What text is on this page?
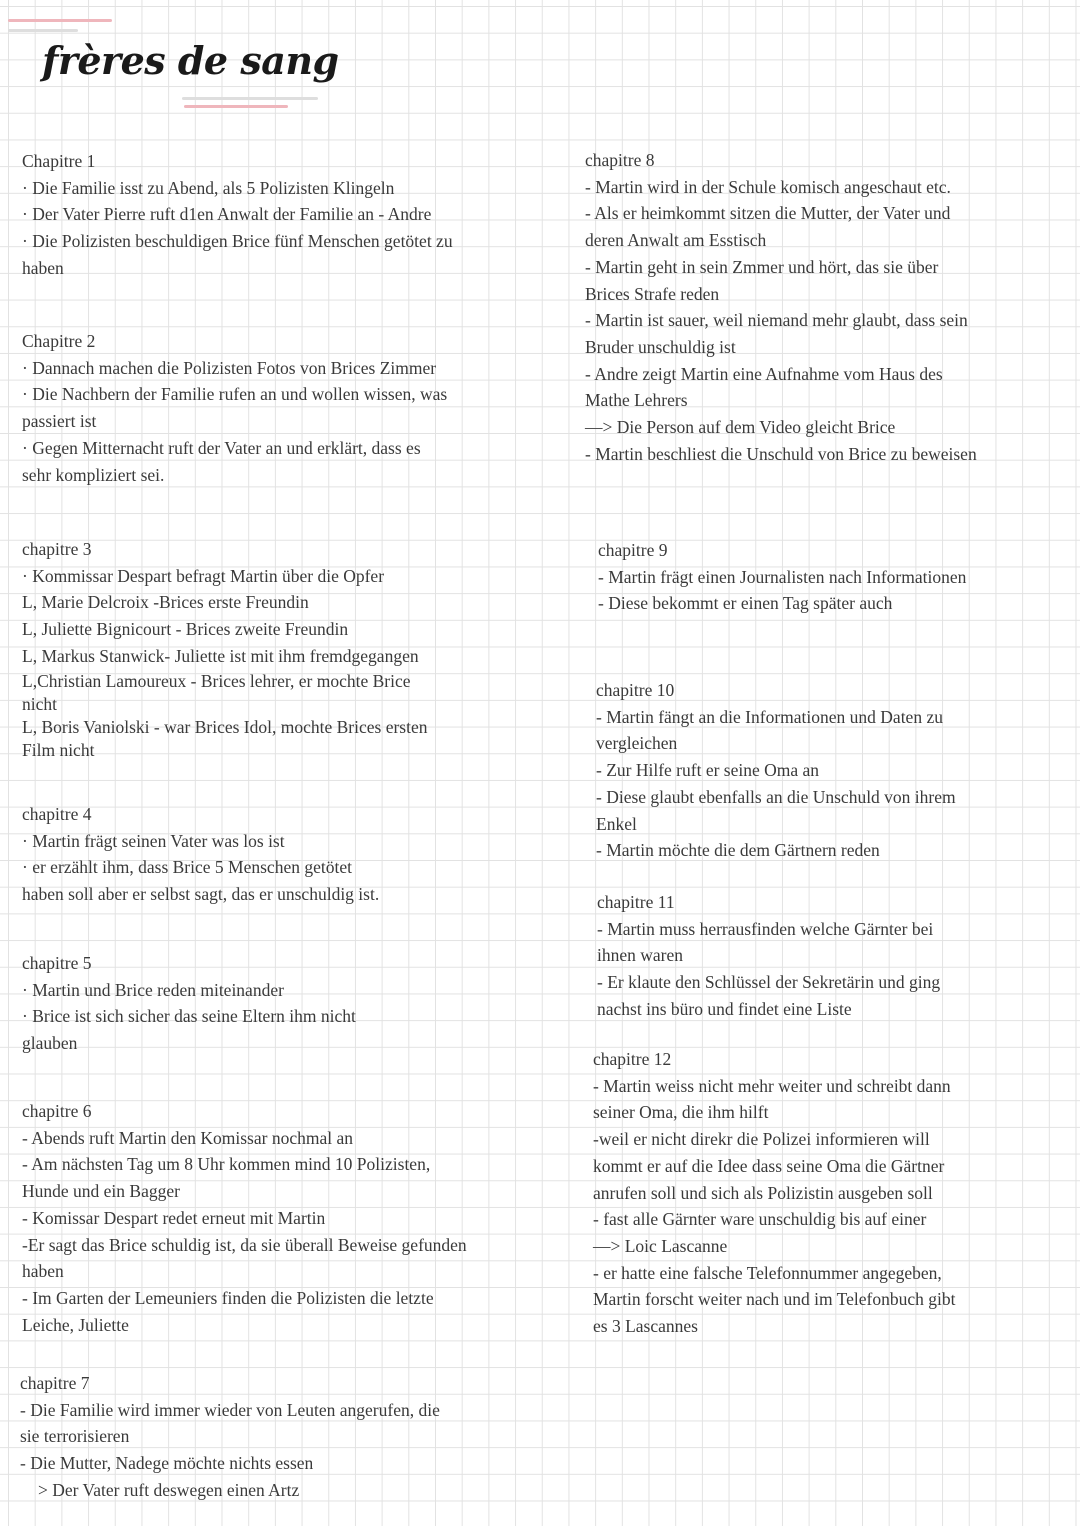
frères de sang
Chapitre 1
· Die Familie isst zu Abend, als 5 Polizisten Klingeln
· Der Vater Pierre ruft d1en Anwalt der Familie an - Andre
· Die Polizisten beschuldigen Brice fünf Menschen getötet zu
haben
Chapitre 2
· Dannach machen die Polizisten Fotos von Brices Zimmer
· Die Nachbern der Familie rufen an und wollen wissen, was
passiert ist
· Gegen Mitternacht ruft der Vater an und erklärt, dass es
sehr kompliziert sei.
chapitre 3
· Kommissar Despart befragt Martin über die Opfer
L, Marie Delcroix -Brices erste Freundin
L, Juliette Bignicourt - Brices zweite Freundin
L, Markus Stanwick- Juliette ist mit ihm fremdgegangen
L,Christian Lamoureux - Brices lehrer, er mochte Brice
nicht
L, Boris Vaniolski - war Brices Idol, mochte Brices ersten
Film nicht
chapitre 4
· Martin frägt seinen Vater was los ist
· er erzählt ihm, dass Brice 5 Menschen getötet
haben soll aber er selbst sagt, das er unschuldig ist.
chapitre 5
· Martin und Brice reden miteinander
· Brice ist sich sicher das seine Eltern ihm nicht
glauben
chapitre 6
- Abends ruft Martin den Komissar nochmal an
- Am nächsten Tag um 8 Uhr kommen mind 10 Polizisten,
Hunde und ein Bagger
- Komissar Despart redet erneut mit Martin
-Er sagt das Brice schuldig ist, da sie überall Beweise gefunden
haben
- Im Garten der Lemeuniers finden die Polizisten die letzte
Leiche, Juliette
chapitre 7
- Die Familie wird immer wieder von Leuten angerufen, die
sie terrorisieren
- Die Mutter, Nadege möchte nichts essen
> Der Vater ruft deswegen einen Artz
chapitre 8
- Martin wird in der Schule komisch angeschaut etc.
- Als er heimkommt sitzen die Mutter, der Vater und
deren Anwalt am Esstisch
- Martin geht in sein Zmmer und hört, das sie über
Brices Strafe reden
- Martin ist sauer, weil niemand mehr glaubt, dass sein
Bruder unschuldig ist
- Andre zeigt Martin eine Aufnahme vom Haus des
Mathe Lehrers
—> Die Person auf dem Video gleicht Brice
- Martin beschliest die Unschuld von Brice zu beweisen
chapitre 9
- Martin frägt einen Journalisten nach Informationen
- Diese bekommt er einen Tag später auch
chapitre 10
- Martin fängt an die Informationen und Daten zu
vergleichen
- Zur Hilfe ruft er seine Oma an
- Diese glaubt ebenfalls an die Unschuld von ihrem
Enkel
- Martin möchte die dem Gärtnern reden
chapitre 11
- Martin muss herrausfinden welche Gärnter bei
ihnen waren
- Er klaute den Schlüssel der Sekretärin und ging
nachst ins büro und findet eine Liste
chapitre 12
- Martin weiss nicht mehr weiter und schreibt dann
seiner Oma, die ihm hilft
-weil er nicht direkr die Polizei informieren will
kommt er auf die Idee dass seine Oma die Gärtner
anrufen soll und sich als Polizistin ausgeben soll
- fast alle Gärnter ware unschuldig bis auf einer
—> Loic Lascanne
- er hatte eine falsche Telefonnummer angegeben,
Martin forscht weiter nach und im Telefonbuch gibt
es 3 Lascannes
